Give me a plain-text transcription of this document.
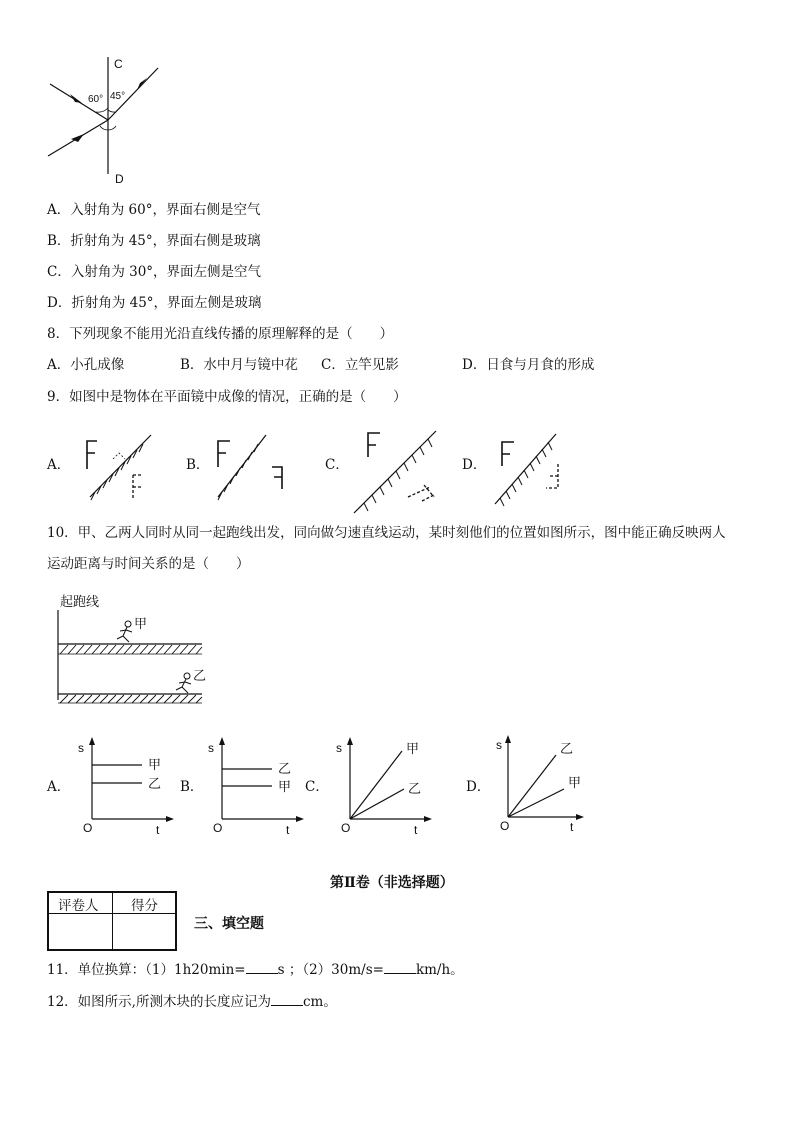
C
D
60° 45°
A．入射角为 60°，界面右侧是空气
B．折射角为 45°，界面右侧是玻璃
C．入射角为 30°，界面左侧是空气
D．折射角为 45°，界面左侧是玻璃
8．下列现象不能用光沿直线传播的原理解释的是（　　）
A．小孔成像	B．水中月与镜中花 C．立竿见影	D．日食与月食的形成
9．如图中是物体在平面镜中成像的情况，正确的是（　　）
A．	B．	C．	D．
10．甲、乙两人同时从同一起跑线出发，同向做匀速直线运动，某时刻他们的位置如图所示，图中能正确反映两人
运动距离与时间关系的是（　　）
起跑线
甲
乙
A．
s
t
O
甲
乙 B．
s
t
O
乙
甲 C．
s
t
O
甲
乙	D．
s
t
O
乙
甲
第Ⅱ卷（非选择题）
评卷人 得分
三、填空题
11．单位换算：（1）1h20min= s ；（2）30m/s= km/h。
12．如图所示,所测木块的长度应记为 cm。
